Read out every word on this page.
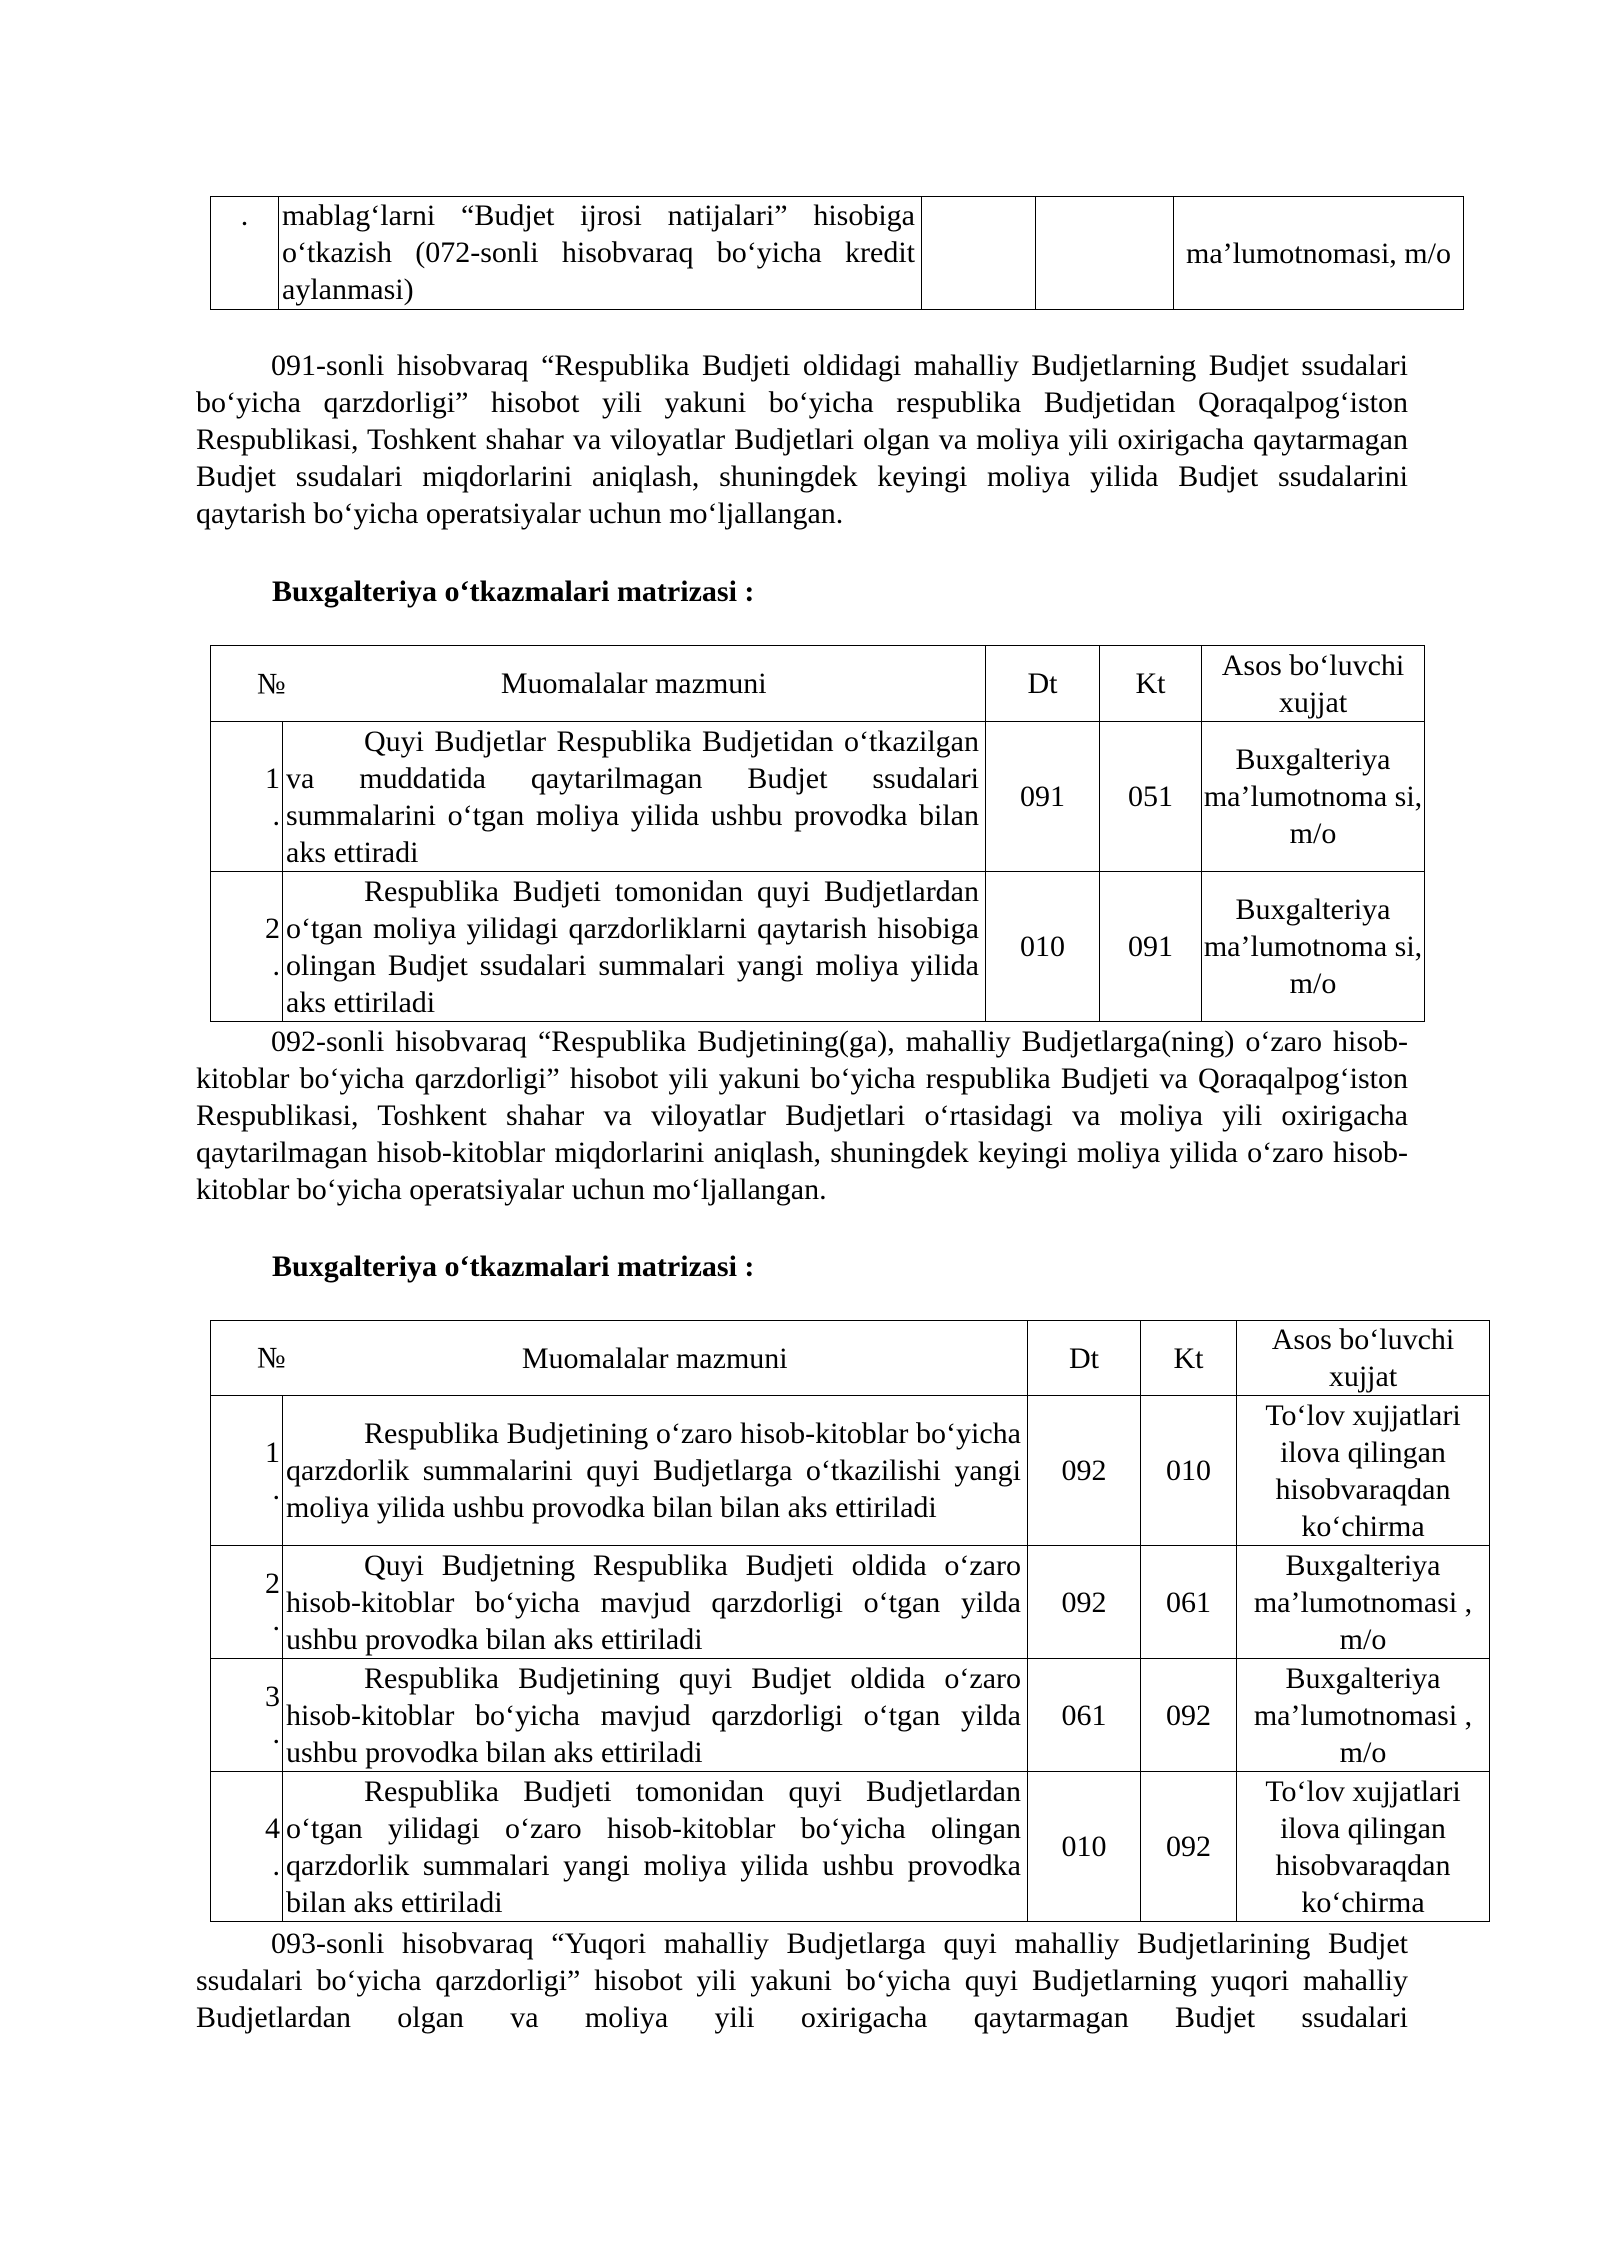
.	mablag‘larni “Budjet ijrosi natijalari” hisobiga o‘tkazish (072-sonli hisobvaraq bo‘yicha kredit aylanmasi)			ma’lumotnomasi, m/o

091-sonli hisobvaraq “Respublika Budjeti oldidagi mahalliy Budjetlarning Budjet ssudalari bo‘yicha qarzdorligi” hisobot yili yakuni bo‘yicha respublika Budjetidan Qoraqalpog‘iston Respublikasi, Toshkent shahar va viloyatlar Budjetlari olgan va moliya yili oxirigacha qaytarmagan Budjet ssudalari miqdorlarini aniqlash, shuningdek keyingi moliya yilida Budjet ssudalarini qaytarish bo‘yicha operatsiyalar uchun mo‘ljallangan.

Buxgalteriya o‘tkazmalari matrizasi :

№	Muomalalar mazmuni	Dt	Kt	Asos bo‘luvchi xujjat

1
.	Quyi Budjetlar Respublika Budjetidan o‘tkazilgan va muddatida qaytarilmagan Budjet ssudalari summalarini o‘tgan moliya yilida ushbu provodka bilan aks ettiradi	091	051	Buxgalteriya ma’lumotnoma si, m/o

2
.	Respublika Budjeti tomonidan quyi Budjetlardan o‘tgan moliya yilidagi qarzdorliklarni qaytarish hisobiga olingan Budjet ssudalari summalari yangi moliya yilida aks ettiriladi	010	091	Buxgalteriya ma’lumotnoma si, m/o

092-sonli hisobvaraq “Respublika Budjetining(ga), mahalliy Budjetlarga(ning) o‘zaro hisob-kitoblar bo‘yicha qarzdorligi” hisobot yili yakuni bo‘yicha respublika Budjeti va Qoraqalpog‘iston Respublikasi, Toshkent shahar va viloyatlar Budjetlari o‘rtasidagi va moliya yili oxirigacha qaytarilmagan hisob-kitoblar miqdorlarini aniqlash, shuningdek keyingi moliya yilida o‘zaro hisob-kitoblar bo‘yicha operatsiyalar uchun mo‘ljallangan.

Buxgalteriya o‘tkazmalari matrizasi :

№	Muomalalar mazmuni	Dt	Kt	Asos bo‘luvchi xujjat

1
.	Respublika Budjetining o‘zaro hisob-kitoblar bo‘yicha qarzdorlik summalarini quyi Budjetlarga o‘tkazilishi yangi moliya yilida ushbu provodka bilan bilan aks ettiriladi	092	010	To‘lov xujjatlari ilova qilingan hisobvaraqdan ko‘chirma

2
.	Quyi Budjetning Respublika Budjeti oldida o‘zaro hisob-kitoblar bo‘yicha mavjud qarzdorligi o‘tgan yilda ushbu provodka bilan aks ettiriladi	092	061	Buxgalteriya ma’lumotnomasi , m/o

3
.	Respublika Budjetining quyi Budjet oldida o‘zaro hisob-kitoblar bo‘yicha mavjud qarzdorligi o‘tgan yilda ushbu provodka bilan aks ettiriladi	061	092	Buxgalteriya ma’lumotnomasi , m/o

4
.	Respublika Budjeti tomonidan quyi Budjetlardan o‘tgan yilidagi o‘zaro hisob-kitoblar bo‘yicha olingan qarzdorlik summalari yangi moliya yilida ushbu provodka bilan aks ettiriladi	010	092	To‘lov xujjatlari ilova qilingan hisobvaraqdan ko‘chirma

093-sonli hisobvaraq “Yuqori mahalliy Budjetlarga quyi mahalliy Budjetlarining Budjet ssudalari bo‘yicha qarzdorligi” hisobot yili yakuni bo‘yicha quyi Budjetlarning yuqori mahalliy Budjetlardan olgan va moliya yili oxirigacha qaytarmagan Budjet ssudalari
